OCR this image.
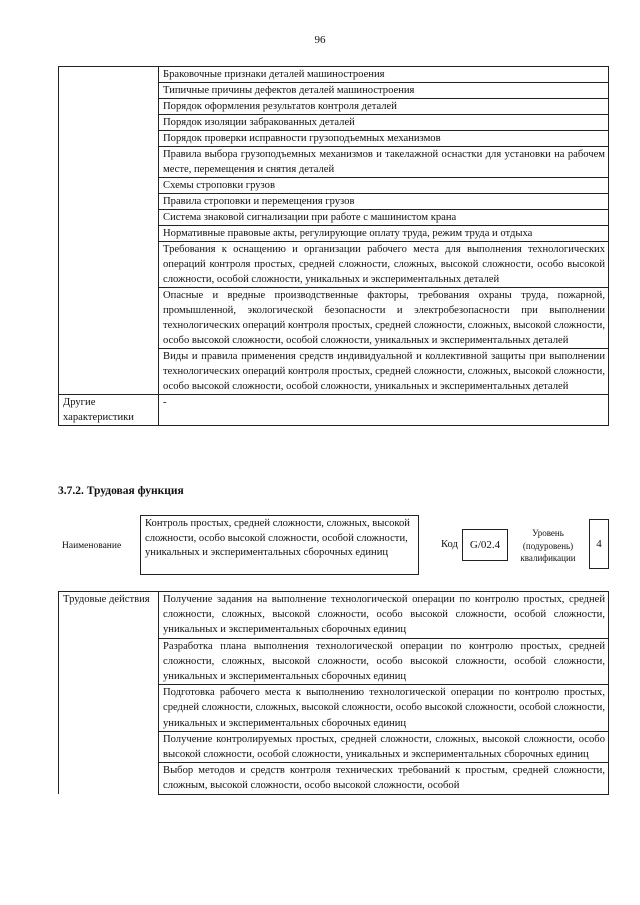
96
	Браковочные признаки деталей машиностроения
	Типичные причины дефектов деталей машиностроения
	Порядок оформления результатов контроля деталей
	Порядок изоляции забракованных деталей
	Порядок проверки исправности грузоподъемных механизмов
	Правила выбора грузоподъемных механизмов и такелажной оснастки для установки на рабочем месте, перемещения и снятия деталей
	Схемы строповки грузов
	Правила строповки и перемещения грузов
	Система знаковой сигнализации при работе с машинистом крана
	Нормативные правовые акты, регулирующие оплату труда, режим труда и отдыха
	Требования к оснащению и организации рабочего места для выполнения технологических операций контроля простых, средней сложности, сложных, высокой сложности, особо высокой сложности, особой сложности, уникальных и экспериментальных деталей
	Опасные и вредные производственные факторы, требования охраны труда, пожарной, промышленной, экологической безопасности и электробезопасности при выполнении технологических операций контроля простых, средней сложности, сложных, высокой сложности, особо высокой сложности, особой сложности, уникальных и экспериментальных деталей
	Виды и правила применения средств индивидуальной и коллективной защиты при выполнении технологических операций контроля простых, средней сложности, сложных, высокой сложности, особо высокой сложности, особой сложности, уникальных и экспериментальных деталей
Другие характеристики	-
3.7.2. Трудовая функция
Наименование
Контроль простых, средней сложности, сложных, высокой сложности, особо высокой сложности, особой сложности, уникальных и экспериментальных сборочных единиц
Код	G/02.4
Уровень (подуровень) квалификации
4
Трудовые действия	Получение задания на выполнение технологической операции по контролю простых, средней сложности, сложных, высокой сложности, особо высокой сложности, особой сложности, уникальных и экспериментальных сборочных единиц
	Разработка плана выполнения технологической операции по контролю простых, средней сложности, сложных, высокой сложности, особо высокой сложности, особой сложности, уникальных и экспериментальных сборочных единиц
	Подготовка рабочего места к выполнению технологической операции по контролю простых, средней сложности, сложных, высокой сложности, особо высокой сложности, особой сложности, уникальных и экспериментальных сборочных единиц
	Получение контролируемых простых, средней сложности, сложных, высокой сложности, особо высокой сложности, особой сложности, уникальных и экспериментальных сборочных единиц
	Выбор методов и средств контроля технических требований к простым, средней сложности, сложным, высокой сложности, особо высокой сложности, особой
